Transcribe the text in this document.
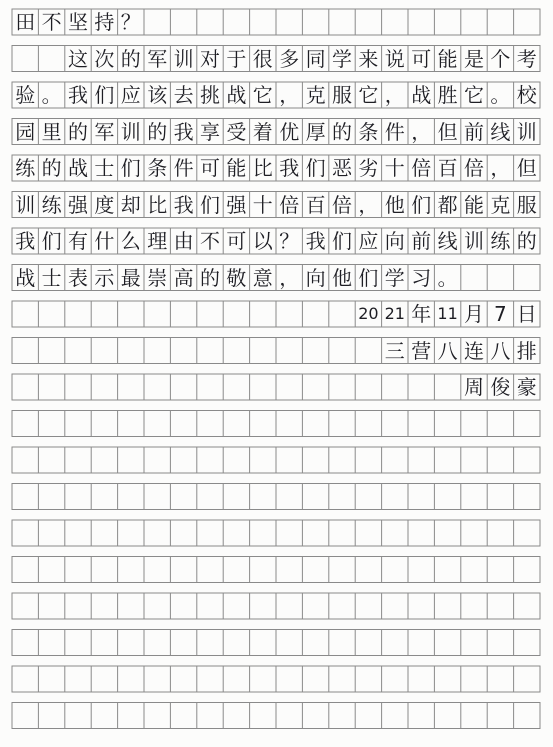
田 不 坚 持 ？

这 次 的 军 训 对 于 很 多 同 学 来 说 可 能 是 个 考
验 。 我 们 应 该 去 挑 战 它 ， 克 服 它 ， 战 胜 它 。 校
园 里 的 军 训 的 我 享 受 着 优 厚 的 条 件 ， 但 前 线 训
练 的 战 士 们 条 件 可 能 比 我 们 恶 劣 十 倍 百 倍 ， 但
训 练 强 度 却 比 我 们 强 十 倍 百 倍 ， 他 们 都 能 克 服
我 们 有 什 么 理 由 不 可 以 ？ 我 们 应 向 前 线 训 练 的
战 士 表 示 最 崇 高 的 敬 意 ， 向 他 们 学 习 。
20 21 年 11 月 7 日
三 营 八 连 八 排
周 俊 豪
